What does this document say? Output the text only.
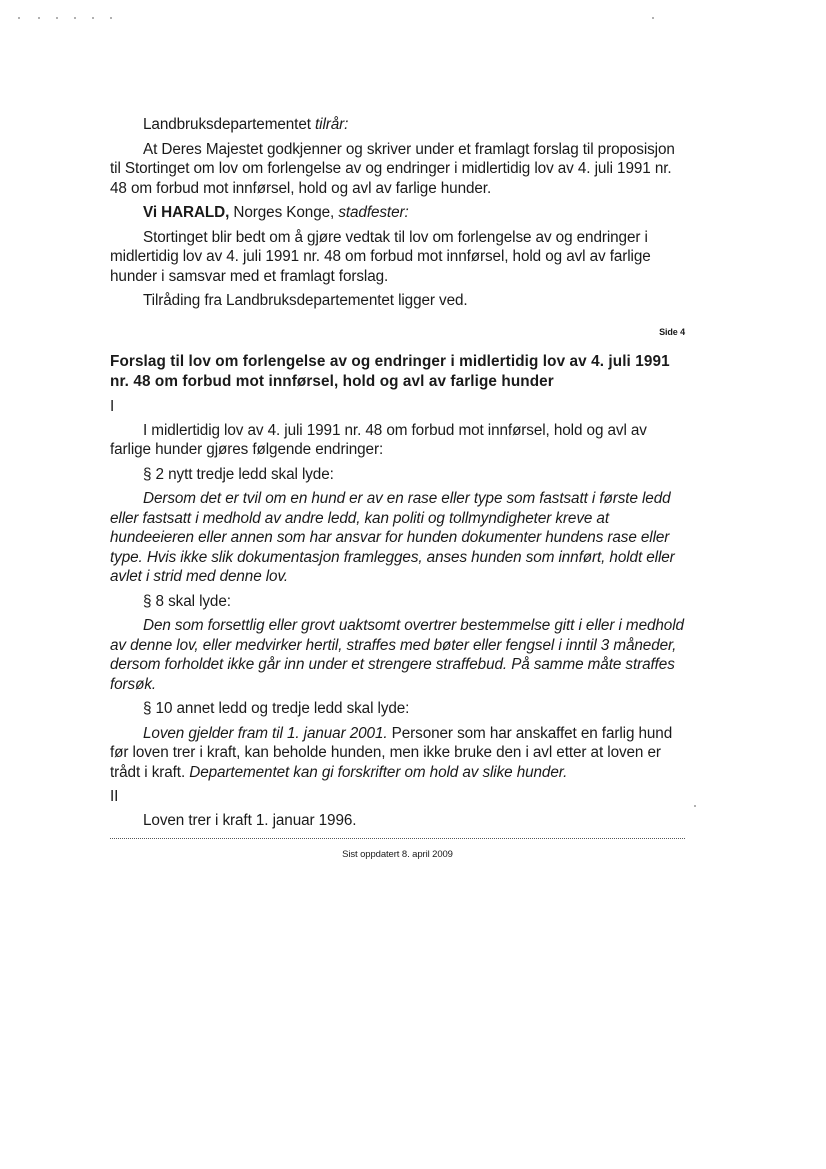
Landbruksdepartementet tilrår:

At Deres Majestet godkjenner og skriver under et framlagt forslag til proposisjon til Stortinget om lov om forlengelse av og endringer i midlertidig lov av 4. juli 1991 nr. 48 om forbud mot innførsel, hold og avl av farlige hunder.

Vi HARALD, Norges Konge, stadfester:

Stortinget blir bedt om å gjøre vedtak til lov om forlengelse av og endringer i midlertidig lov av 4. juli 1991 nr. 48 om forbud mot innførsel, hold og avl av farlige hunder i samsvar med et framlagt forslag.

Tilråding fra Landbruksdepartementet ligger ved.

Side 4

Forslag til lov om forlengelse av og endringer i midlertidig lov av 4. juli 1991 nr. 48 om forbud mot innførsel, hold og avl av farlige hunder

I

I midlertidig lov av 4. juli 1991 nr. 48 om forbud mot innførsel, hold og avl av farlige hunder gjøres følgende endringer:

§ 2 nytt tredje ledd skal lyde:

Dersom det er tvil om en hund er av en rase eller type som fastsatt i første ledd eller fastsatt i medhold av andre ledd, kan politi og tollmyndigheter kreve at hundeeieren eller annen som har ansvar for hunden dokumenter hundens rase eller type. Hvis ikke slik dokumentasjon framlegges, anses hunden som innført, holdt eller avlet i strid med denne lov.

§ 8 skal lyde:

Den som forsettlig eller grovt uaktsomt overtrer bestemmelse gitt i eller i medhold av denne lov, eller medvirker hertil, straffes med bøter eller fengsel i inntil 3 måneder, dersom forholdet ikke går inn under et strengere straffebud. På samme måte straffes forsøk.

§ 10 annet ledd og tredje ledd skal lyde:

Loven gjelder fram til 1. januar 2001. Personer som har anskaffet en farlig hund før loven trer i kraft, kan beholde hunden, men ikke bruke den i avl etter at loven er trådt i kraft. Departementet kan gi forskrifter om hold av slike hunder.

II

Loven trer i kraft 1. januar 1996.

Sist oppdatert 8. april 2009
